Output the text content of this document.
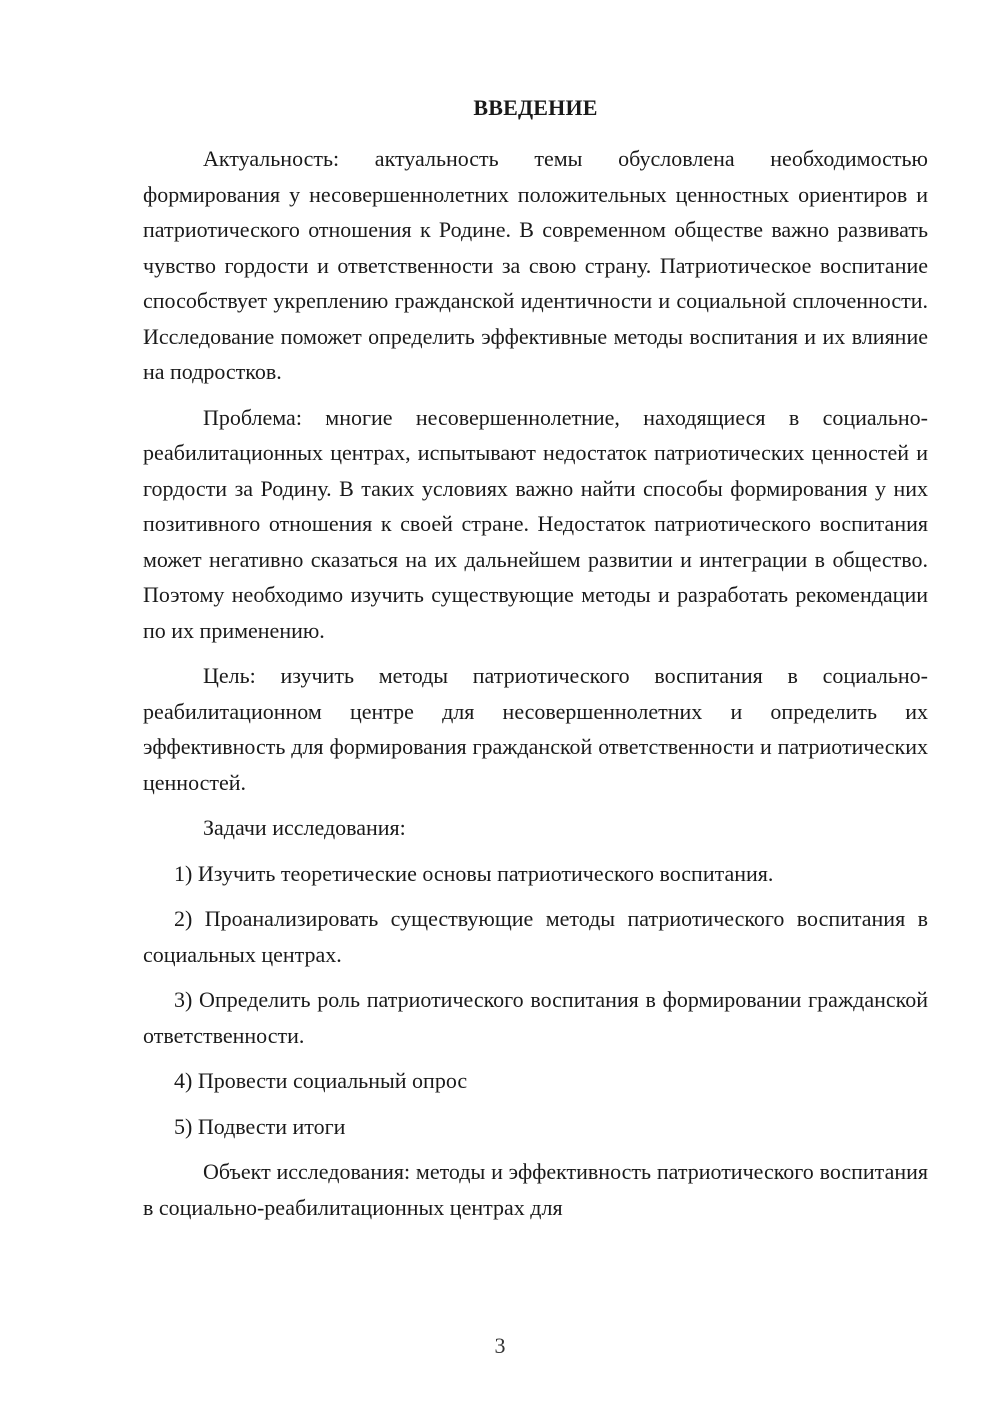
ВВЕДЕНИЕ

Актуальность: актуальность темы обусловлена необходимостью формирования у несовершеннолетних положительных ценностных ориентиров и патриотического отношения к Родине. В современном обществе важно развивать чувство гордости и ответственности за свою страну. Патриотическое воспитание способствует укреплению гражданской идентичности и социальной сплоченности. Исследование поможет определить эффективные методы воспитания и их влияние на подростков.

Проблема: многие несовершеннолетние, находящиеся в социально-реабилитационных центрах, испытывают недостаток патриотических ценностей и гордости за Родину. В таких условиях важно найти способы формирования у них позитивного отношения к своей стране. Недостаток патриотического воспитания может негативно сказаться на их дальнейшем развитии и интеграции в общество. Поэтому необходимо изучить существующие методы и разработать рекомендации по их применению.

Цель: изучить методы патриотического воспитания в социально-реабилитационном центре для несовершеннолетних и определить их эффективность для формирования гражданской ответственности и патриотических ценностей.

Задачи исследования:

1) Изучить теоретические основы патриотического воспитания.

2) Проанализировать существующие методы патриотического воспитания в социальных центрах.

3) Определить роль патриотического воспитания в формировании гражданской ответственности.

4) Провести социальный опрос

5) Подвести итоги

Объект исследования: методы и эффективность патриотического воспитания в социально-реабилитационных центрах для

3
